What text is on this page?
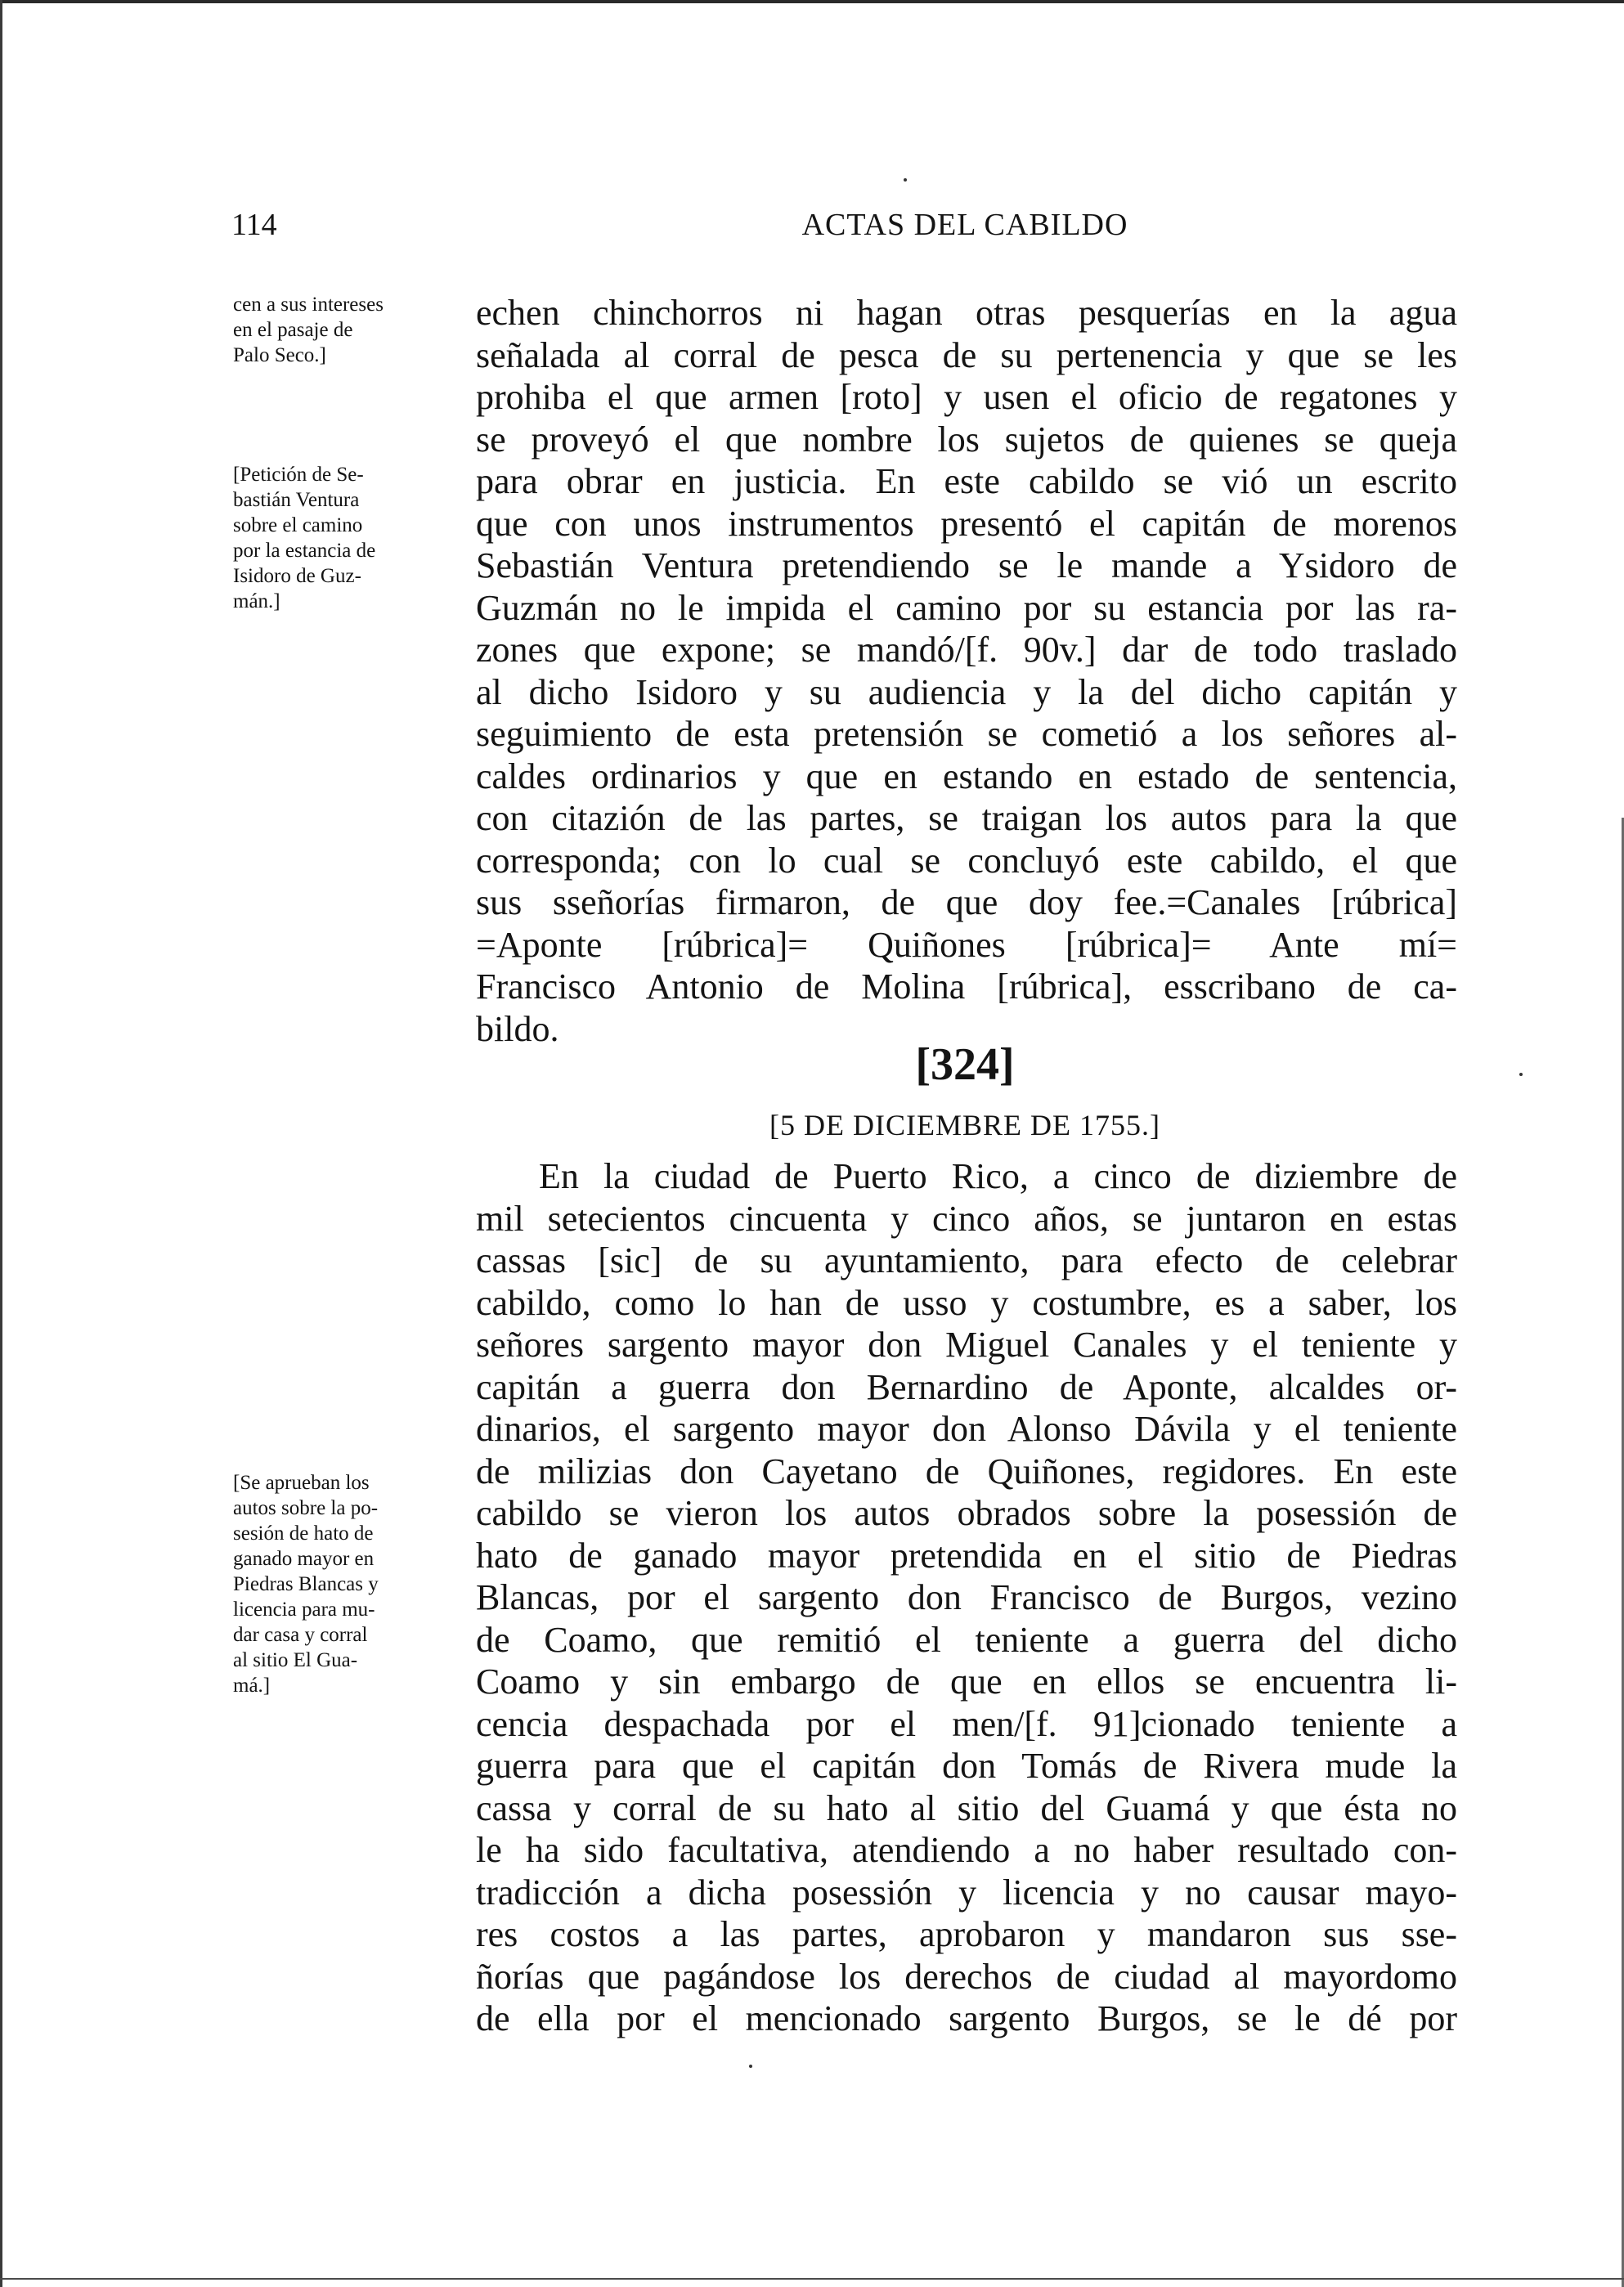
114	ACTAS DEL CABILDO
cen a sus intereses
en el pasaje de
Palo Seco.]
[Petición de Se-
bastián Ventura
sobre el camino
por la estancia de
Isidoro de Guz-
mán.]
[Se aprueban los
autos sobre la po-
sesión de hato de
ganado mayor en
Piedras Blancas y
licencia para mu-
dar casa y corral
al sitio El Gua-
má.]
echen chinchorros ni hagan otras pesquerías en la agua
señalada al corral de pesca de su pertenencia y que se les
prohiba el que armen [roto] y usen el oficio de regatones y
se proveyó el que nombre los sujetos de quienes se queja
para obrar en justicia. En este cabildo se vió un escrito
que con unos instrumentos presentó el capitán de morenos
Sebastián Ventura pretendiendo se le mande a Ysidoro de
Guzmán no le impida el camino por su estancia por las ra-
zones que expone; se mandó/[f. 90v.] dar de todo traslado
al dicho Isidoro y su audiencia y la del dicho capitán y
seguimiento de esta pretensión se cometió a los señores al-
caldes ordinarios y que en estando en estado de sentencia,
con citazión de las partes, se traigan los autos para la que
corresponda; con lo cual se concluyó este cabildo, el que
sus sseñorías firmaron, de que doy fee.=Canales [rúbrica]
=Aponte [rúbrica]= Quiñones [rúbrica]= Ante mí=
Francisco Antonio de Molina [rúbrica], esscribano de ca-
bildo.
[324]
[5 DE DICIEMBRE DE 1755.]
En la ciudad de Puerto Rico, a cinco de diziembre de
mil setecientos cincuenta y cinco años, se juntaron en estas
cassas [sic] de su ayuntamiento, para efecto de celebrar
cabildo, como lo han de usso y costumbre, es a saber, los
señores sargento mayor don Miguel Canales y el teniente y
capitán a guerra don Bernardino de Aponte, alcaldes or-
dinarios, el sargento mayor don Alonso Dávila y el teniente
de milizias don Cayetano de Quiñones, regidores. En este
cabildo se vieron los autos obrados sobre la posessión de
hato de ganado mayor pretendida en el sitio de Piedras
Blancas, por el sargento don Francisco de Burgos, vezino
de Coamo, que remitió el teniente a guerra del dicho
Coamo y sin embargo de que en ellos se encuentra li-
cencia despachada por el men/[f. 91]cionado teniente a
guerra para que el capitán don Tomás de Rivera mude la
cassa y corral de su hato al sitio del Guamá y que ésta no
le ha sido facultativa, atendiendo a no haber resultado con-
tradicción a dicha posessión y licencia y no causar mayo-
res costos a las partes, aprobaron y mandaron sus sse-
ñorías que pagándose los derechos de ciudad al mayordomo
de ella por el mencionado sargento Burgos, se le dé por
